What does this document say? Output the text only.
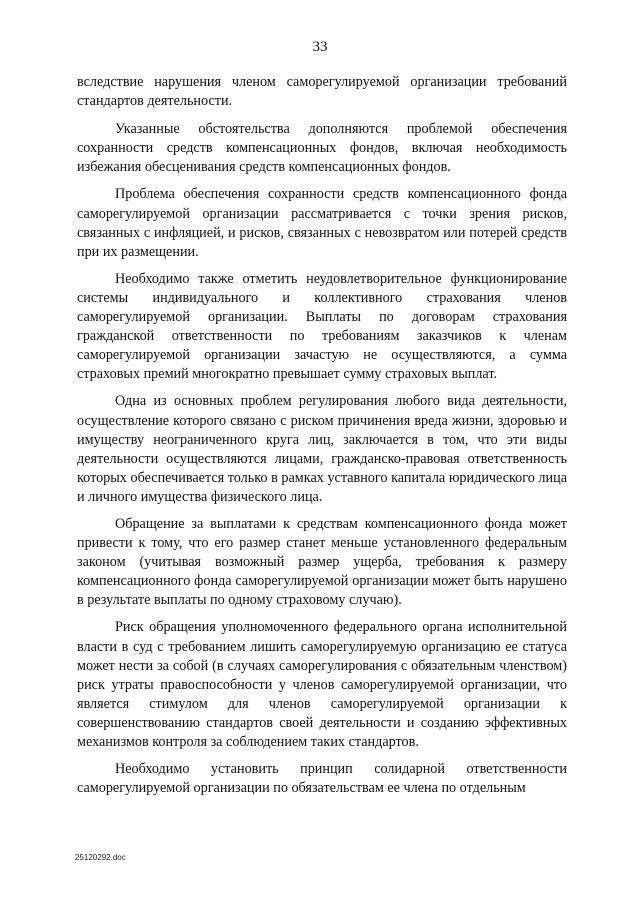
33

вследствие нарушения членом саморегулируемой организации требований стандартов деятельности.

Указанные обстоятельства дополняются проблемой обеспечения сохранности средств компенсационных фондов, включая необходимость избежания обесценивания средств компенсационных фондов.

Проблема обеспечения сохранности средств компенсационного фонда саморегулируемой организации рассматривается с точки зрения рисков, связанных с инфляцией, и рисков, связанных с невозвратом или потерей средств при их размещении.

Необходимо также отметить неудовлетворительное функционирование системы индивидуального и коллективного страхования членов саморегулируемой организации. Выплаты по договорам страхования гражданской ответственности по требованиям заказчиков к членам саморегулируемой организации зачастую не осуществляются, а сумма страховых премий многократно превышает сумму страховых выплат.

Одна из основных проблем регулирования любого вида деятельности, осуществление которого связано с риском причинения вреда жизни, здоровью и имуществу неограниченного круга лиц, заключается в том, что эти виды деятельности осуществляются лицами, гражданско-правовая ответственность которых обеспечивается только в рамках уставного капитала юридического лица и личного имущества физического лица.

Обращение за выплатами к средствам компенсационного фонда может привести к тому, что его размер станет меньше установленного федеральным законом (учитывая возможный размер ущерба, требования к размеру компенсационного фонда саморегулируемой организации может быть нарушено в результате выплаты по одному страховому случаю).

Риск обращения уполномоченного федерального органа исполнительной власти в суд с требованием лишить саморегулируемую организацию ее статуса может нести за собой (в случаях саморегулирования с обязательным членством) риск утраты правоспособности у членов саморегулируемой организации, что является стимулом для членов саморегулируемой организации к совершенствованию стандартов своей деятельности и созданию эффективных механизмов контроля за соблюдением таких стандартов.

Необходимо установить принцип солидарной ответственности саморегулируемой организации по обязательствам ее члена по отдельным

25120292.doc
